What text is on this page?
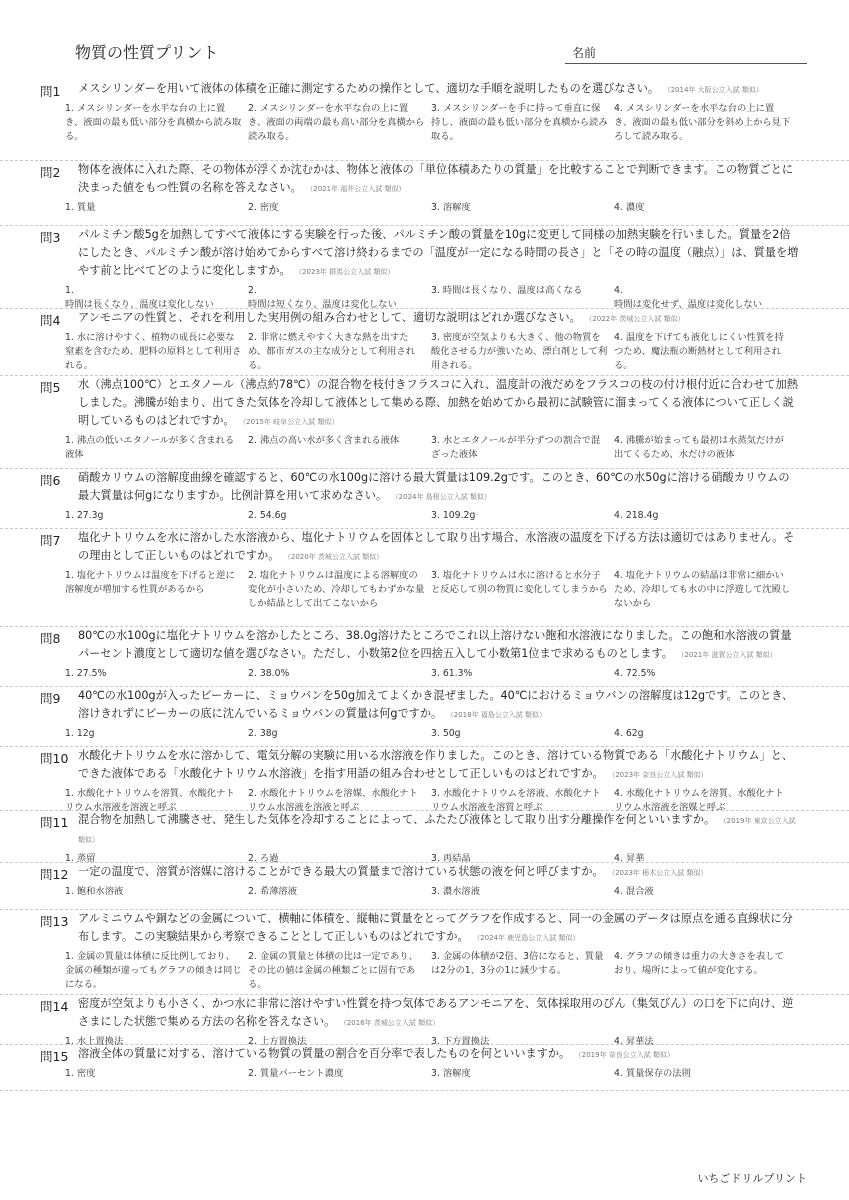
物質の性質プリント	名前
問1 メスシリンダーを用いて液体の体積を正確に測定するための操作として、適切な手順を説明したものを選びなさい。 （2014年 大阪公立入試 類似）
1. メスシリンダーを水平な台の上に置き、液面の最も低い部分を真横から読み取る。
2. メスシリンダーを水平な台の上に置き、液面の両端の最も高い部分を真横から読み取る。
3. メスシリンダーを手に持って垂直に保持し、液面の最も低い部分を真横から読み取る。
4. メスシリンダーを水平な台の上に置き、液面の最も低い部分を斜め上から見下ろして読み取る。
問2 物体を液体に入れた際、その物体が浮くか沈むかは、物体と液体の「単位体積あたりの質量」を比較することで判断できます。この物質ごとに決まった値をもつ性質の名称を答えなさい。 （2021年 福井公立入試 類似）
1. 質量	2. 密度	3. 溶解度	4. 濃度
問3 パルミチン酸5gを加熱してすべて液体にする実験を行った後、パルミチン酸の質量を10gに変更して同様の加熱実験を行いました。質量を2倍にしたとき、パルミチン酸が溶け始めてからすべて溶け終わるまでの「温度が一定になる時間の長さ」と「その時の温度（融点）」は、質量を増やす前と比べてどのように変化しますか。 （2023年 群馬公立入試 類似）
1.
時間は長くなり、温度は変化しない
2.
時間は短くなり、温度は変化しない
3. 時間は長くなり、温度は高くなる	4.
時間は変化せず、温度は変化しない
問4 アンモニアの性質と、それを利用した実用例の組み合わせとして、適切な説明はどれか選びなさい。 （2022年 茨城公立入試 類似）
1. 水に溶けやすく、植物の成長に必要な窒素を含むため、肥料の原料として利用される。
2. 非常に燃えやすく大きな熱を出すため、都市ガスの主な成分として利用される。
3. 密度が空気よりも大きく、他の物質を酸化させる力が強いため、漂白剤として利用される。
4. 温度を下げても液化しにくい性質を持つため、魔法瓶の断熱材として利用される。
問5 水（沸点100℃）とエタノール（沸点約78℃）の混合物を枝付きフラスコに入れ、温度計の液だめをフラスコの枝の付け根付近に合わせて加熱しました。沸騰が始まり、出てきた気体を冷却して液体として集める際、加熱を始めてから最初に試験管に溜まってくる液体について正しく説明しているものはどれですか。 （2015年 岐阜公立入試 類似）
1. 沸点の低いエタノールが多く含まれる液体
2. 沸点の高い水が多く含まれる液体	3. 水とエタノールが半分ずつの割合で混ざった液体
4. 沸騰が始まっても最初は水蒸気だけが出てくるため、水だけの液体
問6 硝酸カリウムの溶解度曲線を確認すると、60℃の水100gに溶ける最大質量は109.2gです。このとき、60℃の水50gに溶ける硝酸カリウムの最大質量は何gになりますか。比例計算を用いて求めなさい。 （2024年 島根公立入試 類似）
1. 27.3g	2. 54.6g	3. 109.2g	4. 218.4g
問7 塩化ナトリウムを水に溶かした水溶液から、塩化ナトリウムを固体として取り出す場合、水溶液の温度を下げる方法は適切ではありません。その理由として正しいものはどれですか。 （2020年 茨城公立入試 類似）
1. 塩化ナトリウムは温度を下げると逆に溶解度が増加する性質があるから
2. 塩化ナトリウムは温度による溶解度の変化が小さいため、冷却してもわずかな量しか結晶として出てこないから
3. 塩化ナトリウムは水に溶けると水分子と反応して別の物質に変化してしまうから
4. 塩化ナトリウムの結晶は非常に細かいため、冷却しても水の中に浮遊して沈殿しないから
問8 80℃の水100gに塩化ナトリウムを溶かしたところ、38.0g溶けたところでこれ以上溶けない飽和水溶液になりました。この飽和水溶液の質量パーセント濃度として適切な値を選びなさい。ただし、小数第2位を四捨五入して小数第1位まで求めるものとします。 （2021年 滋賀公立入試 類似）
1. 27.5%	2. 38.0%	3. 61.3%	4. 72.5%
問9 40℃の水100gが入ったビーカーに、ミョウバンを50g加えてよくかき混ぜました。40℃におけるミョウバンの溶解度は12gです。このとき、溶けきれずにビーカーの底に沈んでいるミョウバンの質量は何gですか。 （2018年 福島公立入試 類似）
1. 12g	2. 38g	3. 50g	4. 62g
問10 水酸化ナトリウムを水に溶かして、電気分解の実験に用いる水溶液を作りました。このとき、溶けている物質である「水酸化ナトリウム」と、できた液体である「水酸化ナトリウム水溶液」を指す用語の組み合わせとして正しいものはどれですか。 （2023年 奈良公立入試 類似）
1. 水酸化ナトリウムを溶質、水酸化ナトリウム水溶液を溶液と呼ぶ
2. 水酸化ナトリウムを溶媒、水酸化ナトリウム水溶液を溶液と呼ぶ
3. 水酸化ナトリウムを溶液、水酸化ナトリウム水溶液を溶質と呼ぶ
4. 水酸化ナトリウムを溶質、水酸化ナトリウム水溶液を溶媒と呼ぶ
問11 混合物を加熱して沸騰させ、発生した気体を冷却することによって、ふたたび液体として取り出す分離操作を何といいますか。 （2019年 東京公立入試 類似）
1. 蒸留	2. ろ過	3. 再結晶	4. 昇華
問12 一定の温度で、溶質が溶媒に溶けることができる最大の質量まで溶けている状態の液を何と呼びますか。 （2023年 栃木公立入試 類似）
1. 飽和水溶液	2. 希薄溶液	3. 濃水溶液	4. 混合液
問13 アルミニウムや銅などの金属について、横軸に体積を、縦軸に質量をとってグラフを作成すると、同一の金属のデータは原点を通る直線状に分布します。この実験結果から考察できることとして正しいものはどれですか。 （2024年 鹿児島公立入試 類似）
1. 金属の質量は体積に反比例しており、金属の種類が違ってもグラフの傾きは同じになる。
2. 金属の質量と体積の比は一定であり、その比の値は金属の種類ごとに固有である。
3. 金属の体積が2倍、3倍になると、質量は2分の1、3分の1に減少する。
4. グラフの傾きは重力の大きさを表しており、場所によって値が変化する。
問14 密度が空気よりも小さく、かつ水に非常に溶けやすい性質を持つ気体であるアンモニアを、気体採取用のびん（集気びん）の口を下に向け、逆さまにした状態で集める方法の名称を答えなさい。 （2016年 茨城公立入試 類似）
1. 水上置換法	2. 上方置換法	3. 下方置換法	4. 昇華法
問15 溶液全体の質量に対する、溶けている物質の質量の割合を百分率で表したものを何といいますか。 （2019年 奈良公立入試 類似）
1. 密度	2. 質量パーセント濃度	3. 溶解度	4. 質量保存の法則
いちごドリルプリント
